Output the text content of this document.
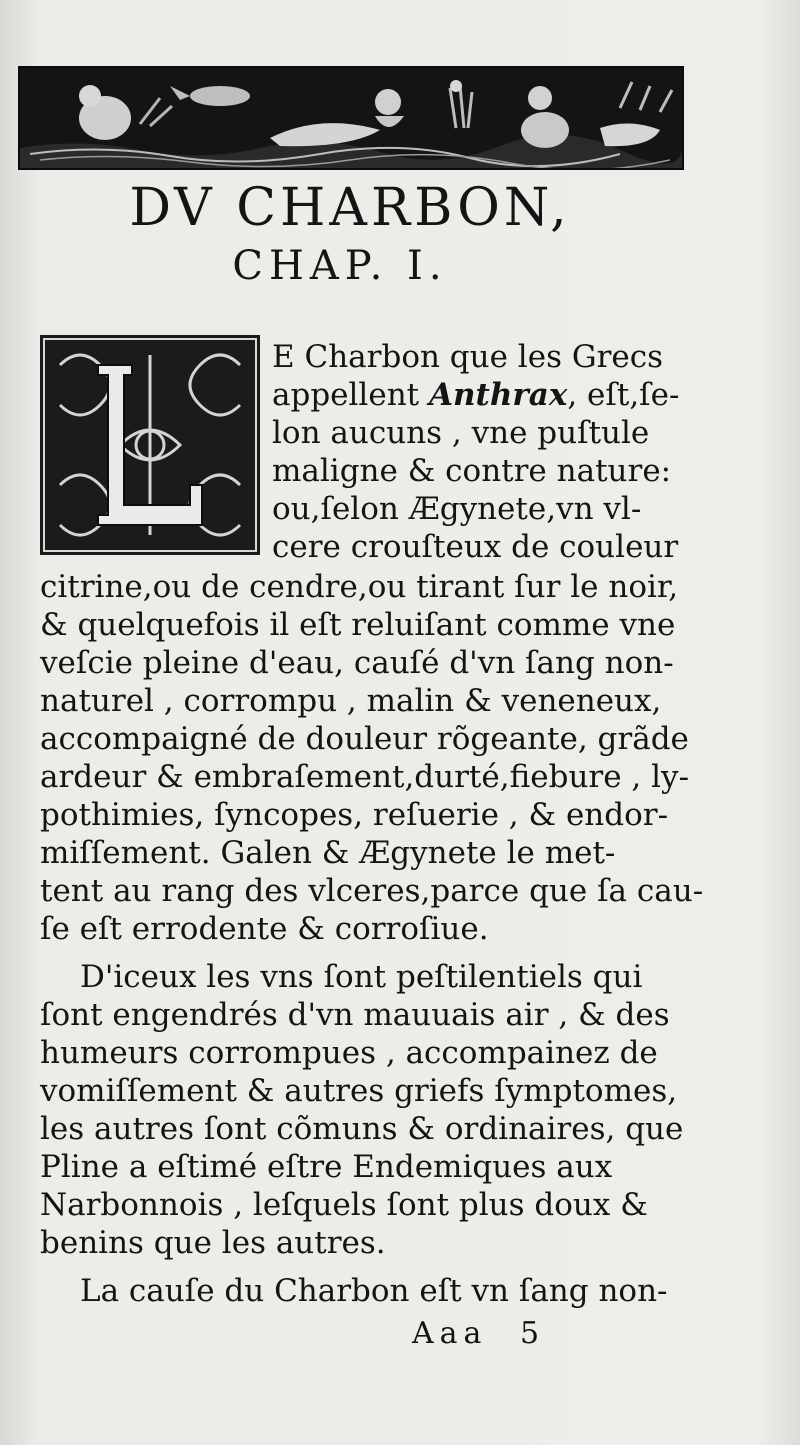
DV CHARBON,
CHAP. I.
E Charbon que les Grecs
appellent Anthrax, eſt,ſe-
lon aucuns , vne puſtule
maligne & contre nature:
ou,ſelon Ægynete,vn vl-
cere crouſteux de couleur
citrine,ou de cendre,ou tirant ſur le noir,
& quelquefois il eſt reluiſant comme vne
veſcie pleine d'eau, cauſé d'vn ſang non-
naturel , corrompu , malin & veneneux,
accompaigné de douleur rõgeante, grãde
ardeur & embraſement,durté,fiebure , ly-
pothimies, ſyncopes, reſuerie , & endor-
miſſement. Galen & Ægynete le met-
tent au rang des vlceres,parce que ſa cau-
ſe eſt errodente & corroſiue.
D'iceux les vns ſont peſtilentiels qui
ſont engendrés d'vn mauuais air , & des
humeurs corrompues , accompainez de
vomiſſement & autres griefs ſymptomes,
les autres ſont cõmuns & ordinaires, que
Pline a eſtimé eſtre Endemiques aux
Narbonnois , leſquels ſont plus doux &
benins que les autres.
La cauſe du Charbon eſt vn ſang non-
Aaa 5
